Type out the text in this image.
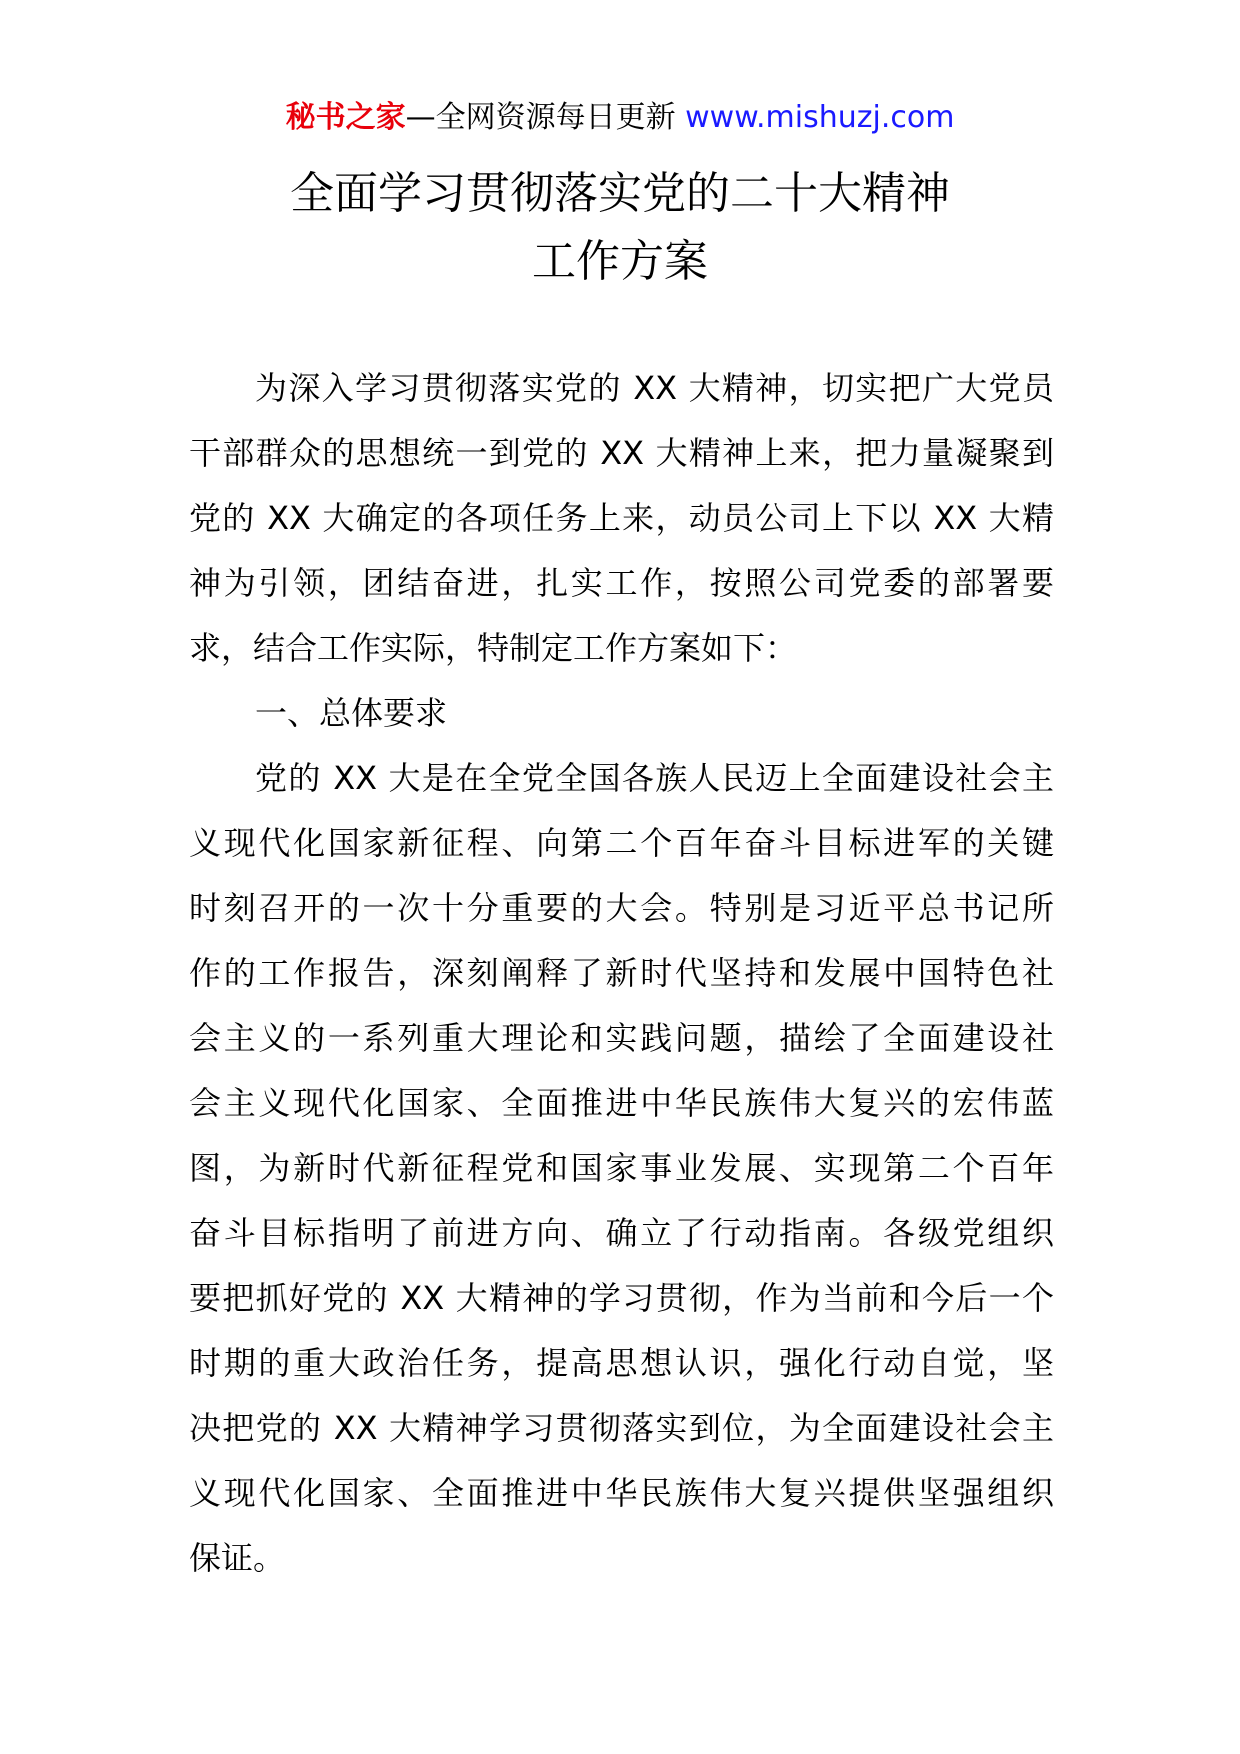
秘书之家—全网资源每日更新 www.mishuzj.com
全面学习贯彻落实党的二十大精神
工作方案
为深入学习贯彻落实党的 XX 大精神，切实把广大党员
干部群众的思想统一到党的 XX 大精神上来，把力量凝聚到
党的 XX 大确定的各项任务上来，动员公司上下以 XX 大精
神为引领，团结奋进，扎实工作，按照公司党委的部署要
求，结合工作实际，特制定工作方案如下：
一、总体要求
党的 XX 大是在全党全国各族人民迈上全面建设社会主
义现代化国家新征程、向第二个百年奋斗目标进军的关键
时刻召开的一次十分重要的大会。特别是习近平总书记所
作的工作报告，深刻阐释了新时代坚持和发展中国特色社
会主义的一系列重大理论和实践问题，描绘了全面建设社
会主义现代化国家、全面推进中华民族伟大复兴的宏伟蓝
图，为新时代新征程党和国家事业发展、实现第二个百年
奋斗目标指明了前进方向、确立了行动指南。各级党组织
要把抓好党的 XX 大精神的学习贯彻，作为当前和今后一个
时期的重大政治任务，提高思想认识，强化行动自觉，坚
决把党的 XX 大精神学习贯彻落实到位，为全面建设社会主
义现代化国家、全面推进中华民族伟大复兴提供坚强组织
保证。
